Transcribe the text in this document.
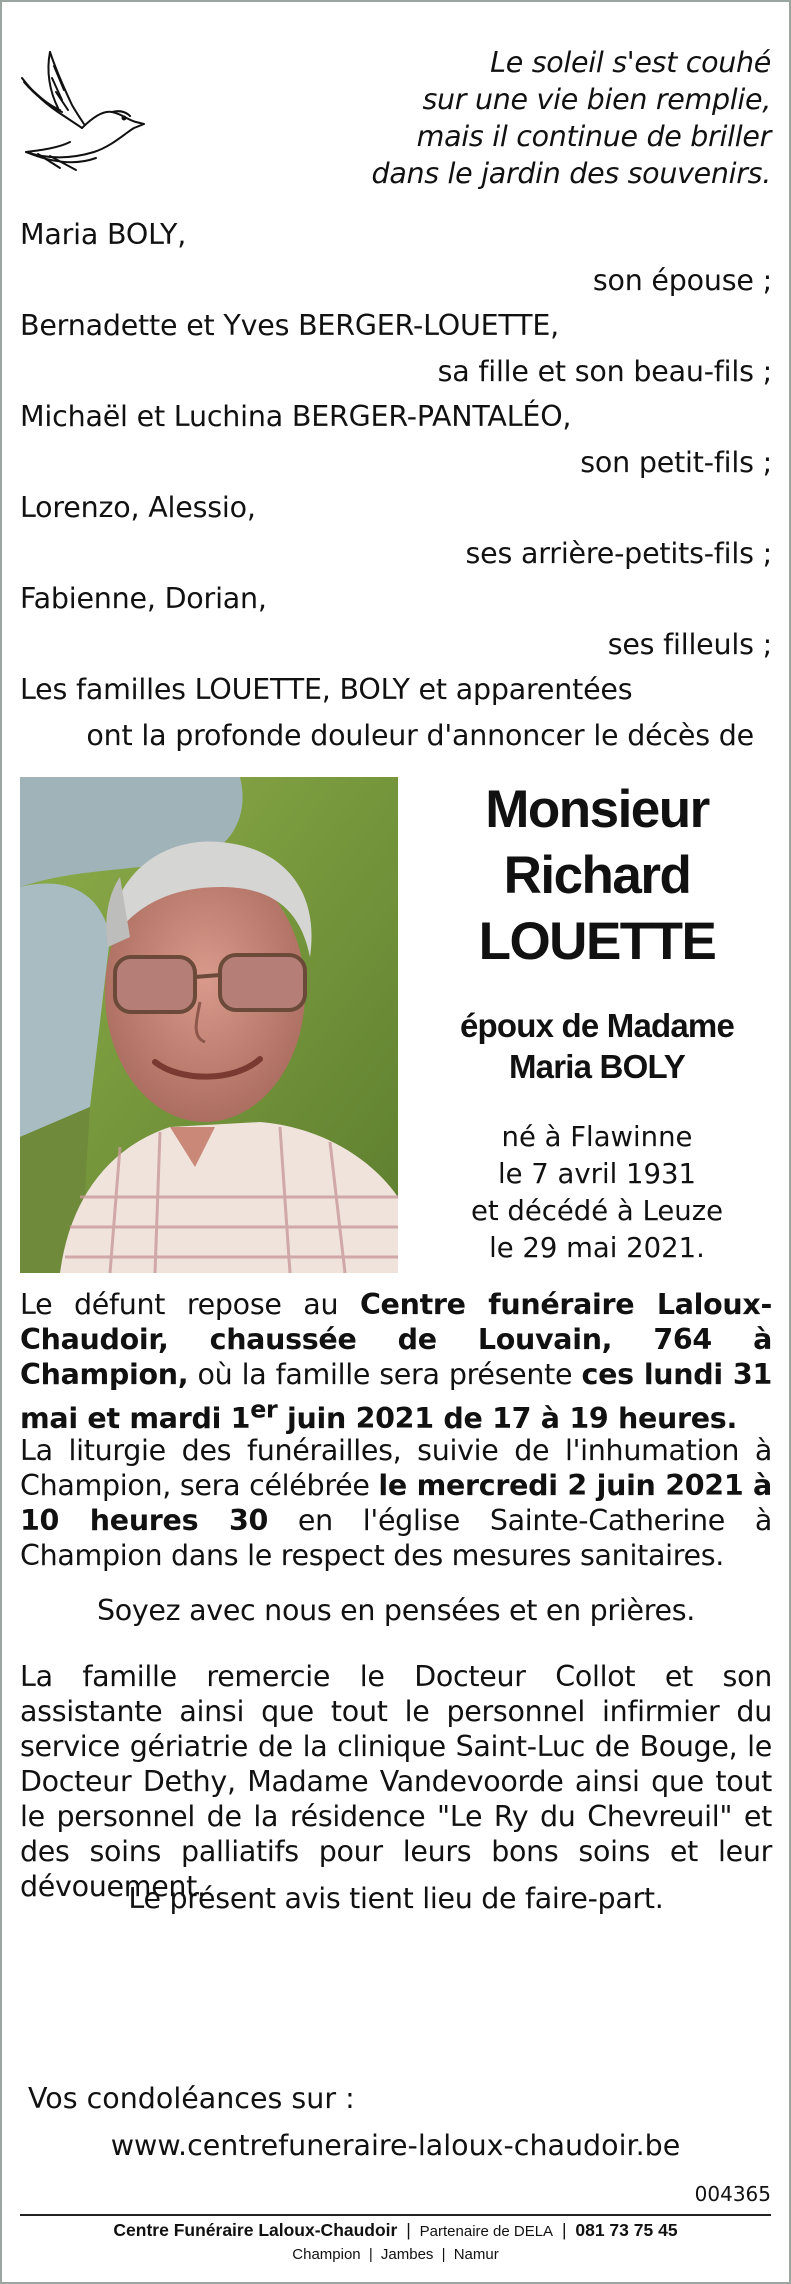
Le soleil s'est couhé
sur une vie bien remplie,
mais il continue de briller
dans le jardin des souvenirs.
Maria BOLY,
son épouse ;
Bernadette et Yves BERGER-LOUETTE,
sa fille et son beau-fils ;
Michaël et Luchina BERGER-PANTALÉO,
son petit-fils ;
Lorenzo, Alessio,
ses arrière-petits-fils ;
Fabienne, Dorian,
ses filleuls ;
Les familles LOUETTE, BOLY et apparentées
ont la profonde douleur d'annoncer le décès de
Monsieur
Richard
LOUETTE
époux de Madame
Maria BOLY
né à Flawinne
le 7 avril 1931
et décédé à Leuze
le 29 mai 2021.

Le défunt repose au Centre funéraire Laloux-Chaudoir, chaussée de Louvain, 764 à Champion, où la famille sera présente ces lundi 31 mai et mardi 1er juin 2021 de 17 à 19 heures.

La liturgie des funérailles, suivie de l'inhumation à Champion, sera célébrée le mercredi 2 juin 2021 à 10 heures 30 en l'église Sainte-Catherine à Champion dans le respect des mesures sanitaires.

Soyez avec nous en pensées et en prières.

La famille remercie le Docteur Collot et son assistante ainsi que tout le personnel infirmier du service gériatrie de la clinique Saint-Luc de Bouge, le Docteur Dethy, Madame Vandevoorde ainsi que tout le personnel de la résidence "Le Ry du Chevreuil" et des soins palliatifs pour leurs bons soins et leur dévouement.

Le présent avis tient lieu de faire-part.

Vos condoléances sur :
www.centrefuneraire-laloux-chaudoir.be
004365
Centre Funéraire Laloux-Chaudoir | Partenaire de DELA | 081 73 75 45
Champion | Jambes | Namur
